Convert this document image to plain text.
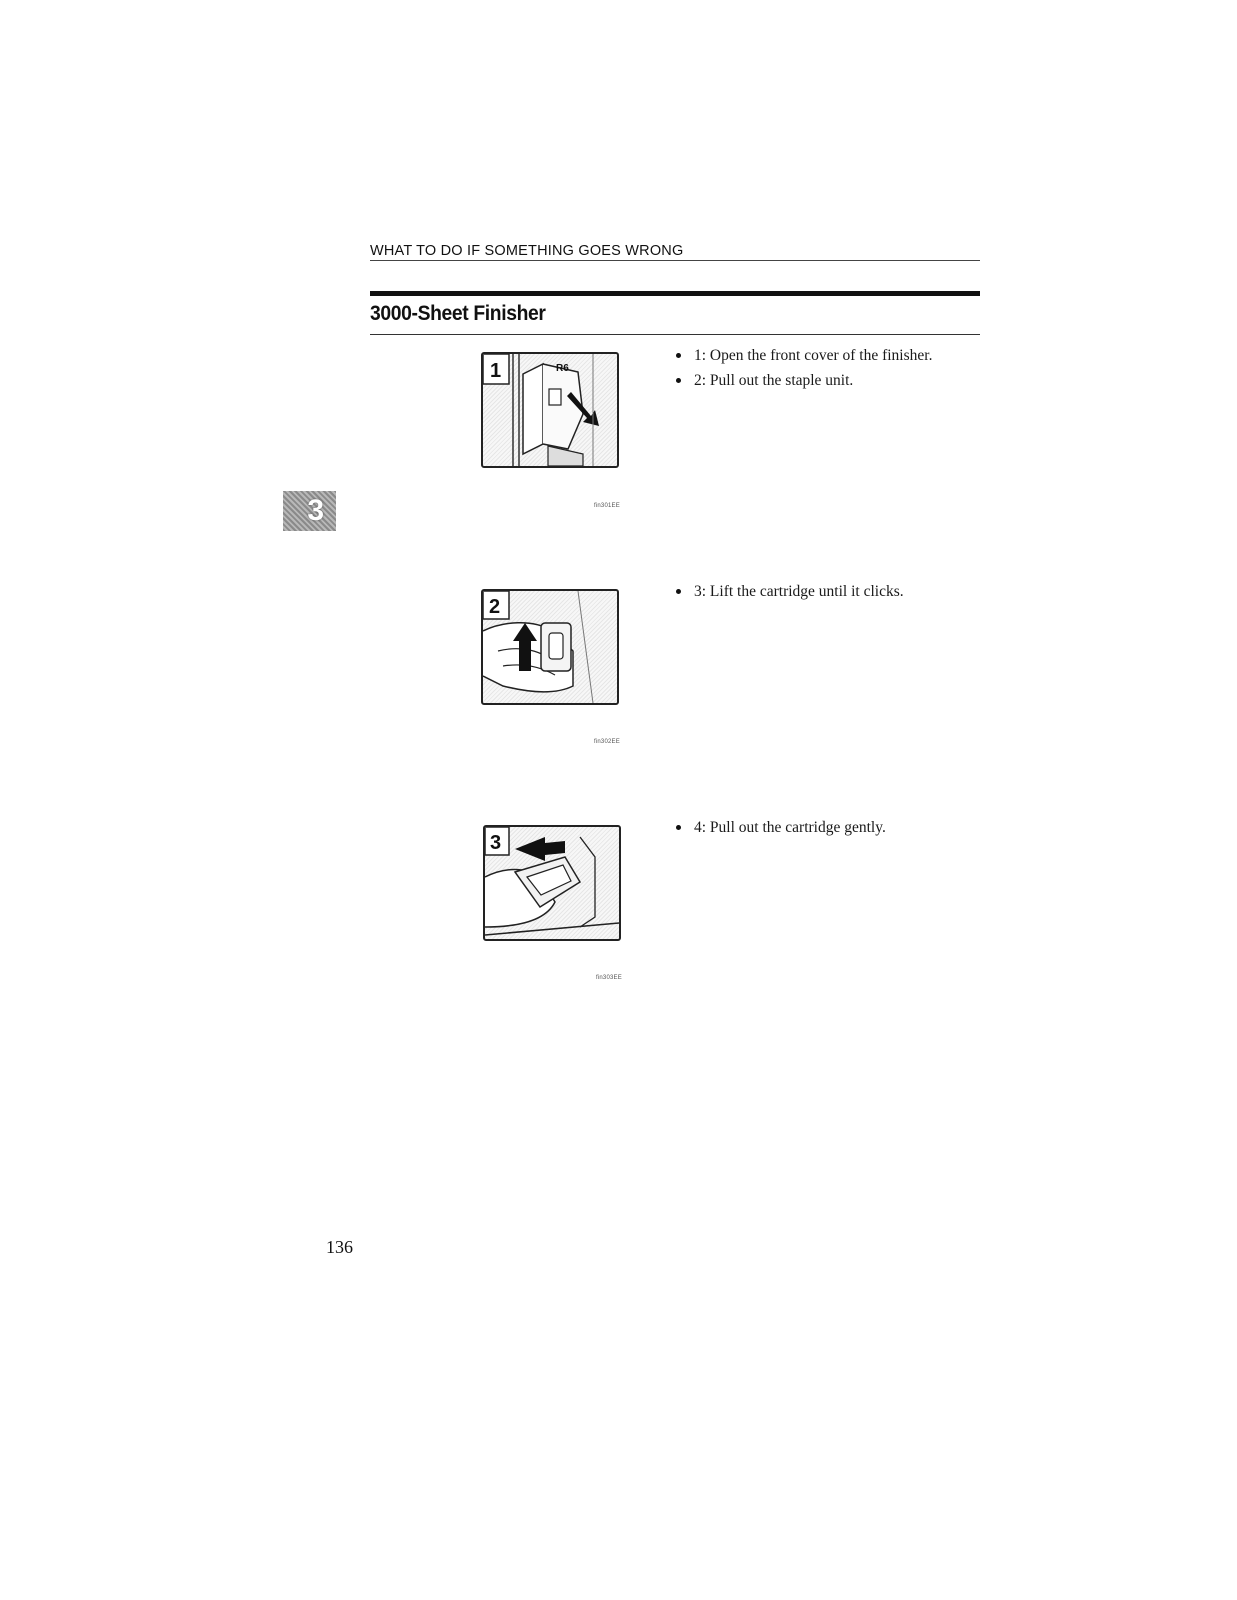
WHAT TO DO IF SOMETHING GOES WRONG
3000-Sheet Finisher
3
1	R6
fin301EE
2
fin302EE
3
fin303EE
1: Open the front cover of the finisher.
2: Pull out the staple unit.
3: Lift the cartridge until it clicks.
4: Pull out the cartridge gently.
136
